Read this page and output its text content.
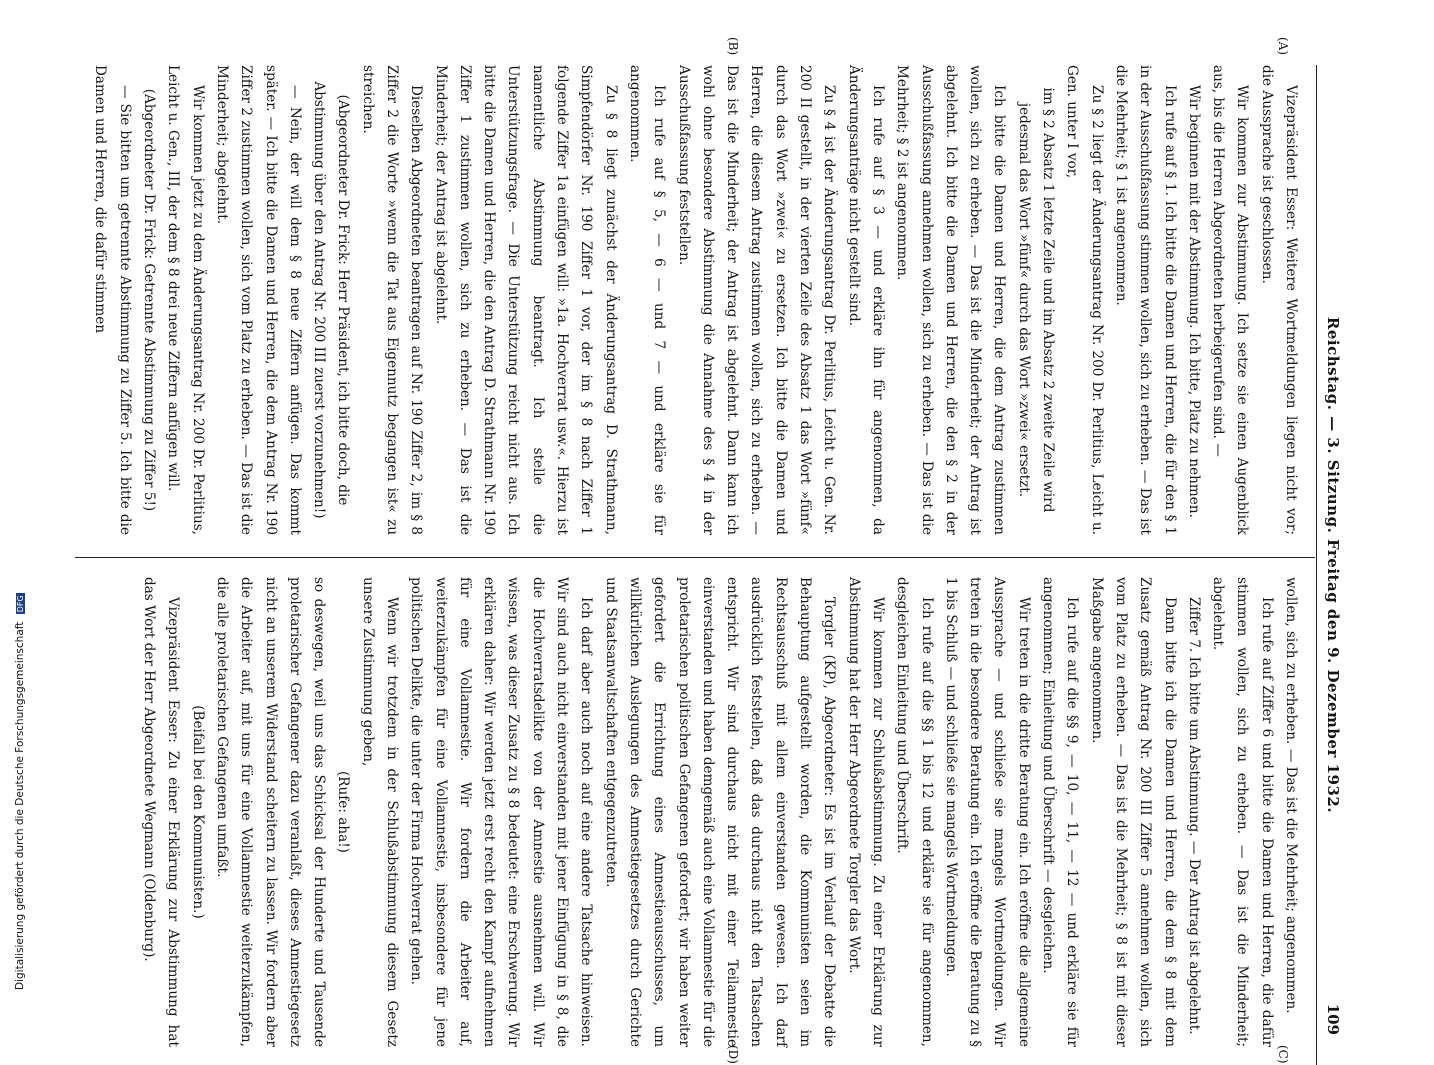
Reichstag. — 3. Sitzung. Freitag den 9. Dezember 1932.
109
(A)
(B)
(C)
(D)

Vizepräsident Esser: Weitere Wortmeldungen liegen nicht vor; die Aussprache ist geschlossen.

Wir kommen zur Abstimmung. Ich setze sie einen Augenblick aus, bis die Herren Abgeordneten herbeigerufen sind. —

Wir beginnen mit der Abstimmung. Ich bitte, Platz zu nehmen.

Ich rufe auf § 1. Ich bitte die Damen und Herren, die für den § 1 in der Ausschußfassung stimmen wollen, sich zu erheben. — Das ist die Mehrheit; § 1 ist angenommen.

Zu § 2 liegt der Änderungsantrag Nr. 200 Dr. Perlitius, Leicht u. Gen. unter I vor,

im § 2 Absatz 1 letzte Zeile und im Absatz 2 zweite Zeile wird jedesmal das Wort »fünf« durch das Wort »zwei« ersetzt.

Ich bitte die Damen und Herren, die dem Antrag zustimmen wollen, sich zu erheben. — Das ist die Minderheit; der Antrag ist abgelehnt. Ich bitte die Damen und Herren, die den § 2 in der Ausschußfassung annehmen wollen, sich zu erheben. — Das ist die Mehrheit; § 2 ist angenommen.

Ich rufe auf § 3 — und erkläre ihn für angenommen, da Änderungsanträge nicht gestellt sind.

Zu § 4 ist der Änderungsantrag Dr. Perlitius, Leicht u. Gen. Nr. 200 II gestellt, in der vierten Zeile des Absatz 1 das Wort »fünf« durch das Wort »zwei« zu ersetzen. Ich bitte die Damen und Herren, die diesem Antrag zustimmen wollen, sich zu erheben. — Das ist die Minderheit; der Antrag ist abgelehnt. Dann kann ich wohl ohne besondere Abstimmung die Annahme des § 4 in der Ausschußfassung feststellen.

Ich rufe auf § 5, — 6 — und 7 — und erkläre sie für angenommen.

Zu § 8 liegt zunächst der Änderungsantrag D. Strathmann, Simpfendörfer Nr. 190 Ziffer 1 vor, der im § 8 nach Ziffer 1 folgende Ziffer 1a einfügen will: »1a. Hochverrat usw.«. Hierzu ist namentliche Abstimmung beantragt. Ich stelle die Unterstützungsfrage. — Die Unterstützung reicht nicht aus. Ich bitte die Damen und Herren, die den Antrag D. Strathmann Nr. 190 Ziffer 1 zustimmen wollen, sich zu erheben. — Das ist die Minderheit; der Antrag ist abgelehnt.

Dieselben Abgeordneten beantragen auf Nr. 190 Ziffer 2, im § 8 Ziffer 2 die Worte »wenn die Tat aus Eigennutz begangen ist« zu streichen.

(Abgeordneter Dr. Frick: Herr Präsident, ich bitte doch, die Abstimmung über den Antrag Nr. 200 III zuerst vorzunehmen!)

— Nein, der will dem § 8 neue Ziffern anfügen. Das kommt später. — Ich bitte die Damen und Herren, die dem Antrag Nr. 190 Ziffer 2 zustimmen wollen, sich vom Platz zu erheben. — Das ist die Minderheit; abgelehnt.

Wir kommen jetzt zu dem Änderungsantrag Nr. 200 Dr. Perlitius, Leicht u. Gen., III, der dem § 8 drei neue Ziffern anfügen will.

(Abgeordneter Dr. Frick: Getrennte Abstimmung zu Ziffer 5!)

— Sie bitten um getrennte Abstimmung zu Ziffer 5. Ich bitte die Damen und Herren, die dafür stimmen

wollen, sich zu erheben. — Das ist die Mehrheit; angenommen.

Ich rufe auf Ziffer 6 und bitte die Damen und Herren, die dafür stimmen wollen, sich zu erheben. — Das ist die Minderheit; abgelehnt.

Ziffer 7. Ich bitte um Abstimmung. — Der Antrag ist abgelehnt.

Dann bitte ich die Damen und Herren, die dem § 8 mit dem Zusatz gemäß Antrag Nr. 200 III Ziffer 5 annehmen wollen, sich vom Platz zu erheben. — Das ist die Mehrheit; § 8 ist mit dieser Maßgabe angenommen.

Ich rufe auf die §§ 9, — 10, — 11, — 12 — und erkläre sie für angenommen; Einleitung und Überschrift — desgleichen.

Wir treten in die dritte Beratung ein. Ich eröffne die allgemeine Aussprache — und schließe sie mangels Wortmeldungen. Wir treten in die besondere Beratung ein. Ich eröffne die Beratung zu § 1 bis Schluß — und schließe sie mangels Wortmeldungen.

Ich rufe auf die §§ 1 bis 12 und erkläre sie für angenommen, desgleichen Einleitung und Überschrift.

Wir kommen zur Schlußabstimmung. Zu einer Erklärung zur Abstimmung hat der Herr Abgeordnete Torgler das Wort.

Torgler (KP), Abgeordneter: Es ist im Verlauf der Debatte die Behauptung aufgestellt worden, die Kommunisten seien im Rechtsausschuß mit allem einverstanden gewesen. Ich darf ausdrücklich feststellen, daß das durchaus nicht den Tatsachen entspricht. Wir sind durchaus nicht mit einer Teilamnestie einverstanden und haben demgemäß auch eine Vollamnestie für die proletarischen politischen Gefangenen gefordert; wir haben weiter gefordert die Errichtung eines Amnestieausschusses, um willkürlichen Auslegungen des Amnestiegesetzes durch Gerichte und Staatsanwaltschaften entgegenzutreten.

Ich darf aber auch noch auf eine andere Tatsache hinweisen. Wir sind auch nicht einverstanden mit jener Einfügung in § 8, die die Hochverratsdelikte von der Amnestie ausnehmen will. Wir wissen, was dieser Zusatz zu § 8 bedeutet: eine Erschwerung. Wir erklären daher: Wir werden jetzt erst recht den Kampf aufnehmen für eine Vollamnestie. Wir fordern die Arbeiter auf, weiterzukämpfen für eine Vollamnestie, insbesondere für jene politischen Delikte, die unter der Firma Hochverrat gehen.

Wenn wir trotzdem in der Schlußabstimmung diesem Gesetz unsere Zustimmung geben,

(Rufe: aha!)

so deswegen, weil uns das Schicksal der Hunderte und Tausende proletarischer Gefangener dazu veranlaßt, dieses Amnestiegesetz nicht an unserem Widerstand scheitern zu lassen. Wir fordern aber die Arbeiter auf, mit uns für eine Vollamnestie weiterzukämpfen, die alle proletarischen Gefangenen umfaßt.

(Beifall bei den Kommunisten.)

Vizepräsident Esser: Zu einer Erklärung zur Abstimmung hat das Wort der Herr Abgeordnete Wegmann (Oldenburg).

Digitalisierung gefördert durch die Deutsche Forschungsgemeinschaft DFG
